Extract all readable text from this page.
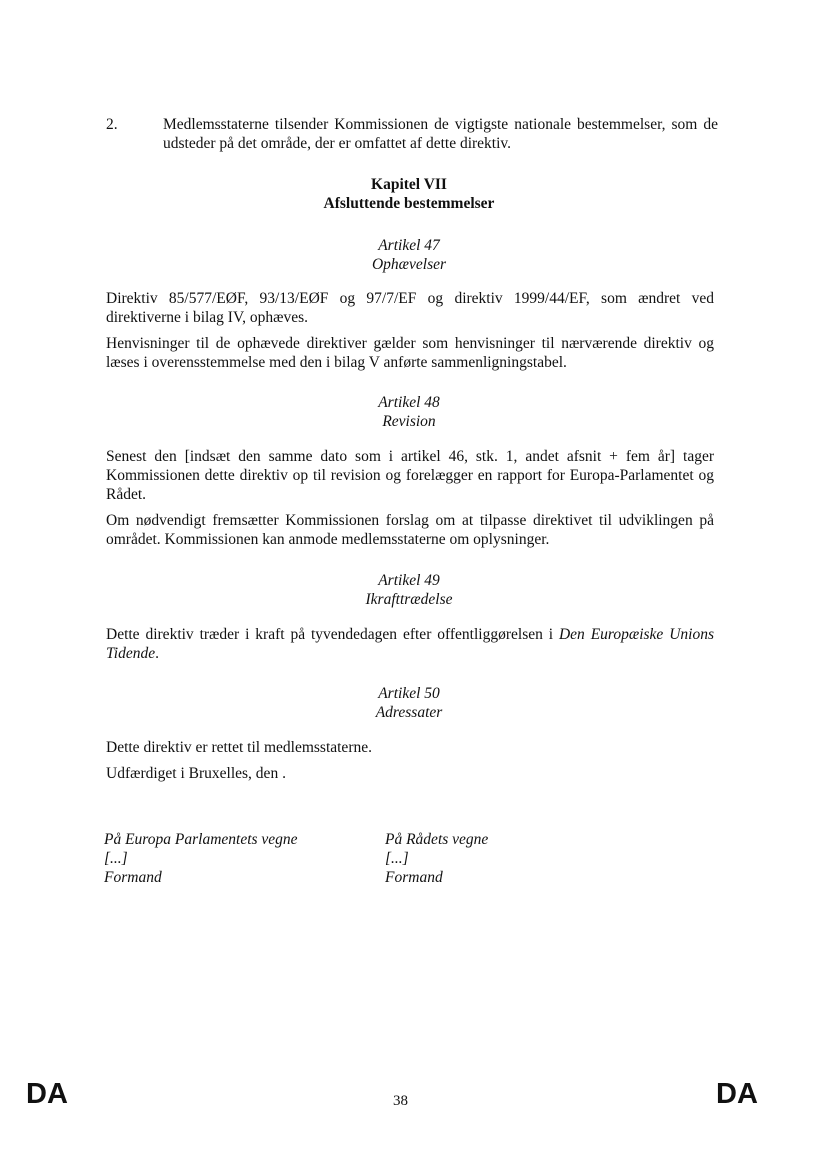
2.	Medlemsstaterne tilsender Kommissionen de vigtigste nationale bestemmelser, som de udsteder på det område, der er omfattet af dette direktiv.
Kapitel VII
Afsluttende bestemmelser
Artikel 47
Ophævelser
Direktiv 85/577/EØF, 93/13/EØF og 97/7/EF og direktiv 1999/44/EF, som ændret ved direktiverne i bilag IV, ophæves.
Henvisninger til de ophævede direktiver gælder som henvisninger til nærværende direktiv og læses i overensstemmelse med den i bilag V anførte sammenligningstabel.
Artikel 48
Revision
Senest den [indsæt den samme dato som i artikel 46, stk. 1, andet afsnit + fem år] tager Kommissionen dette direktiv op til revision og forelægger en rapport for Europa-Parlamentet og Rådet.
Om nødvendigt fremsætter Kommissionen forslag om at tilpasse direktivet til udviklingen på området. Kommissionen kan anmode medlemsstaterne om oplysninger.
Artikel 49
Ikrafttrædelse
Dette direktiv træder i kraft på tyvendedagen efter offentliggørelsen i Den Europæiske Unions Tidende.
Artikel 50
Adressater
Dette direktiv er rettet til medlemsstaterne.
Udfærdiget i Bruxelles, den .
På Europa Parlamentets vegne
[...]
Formand
På Rådets vegne
[...]
Formand
DA	38	DA
